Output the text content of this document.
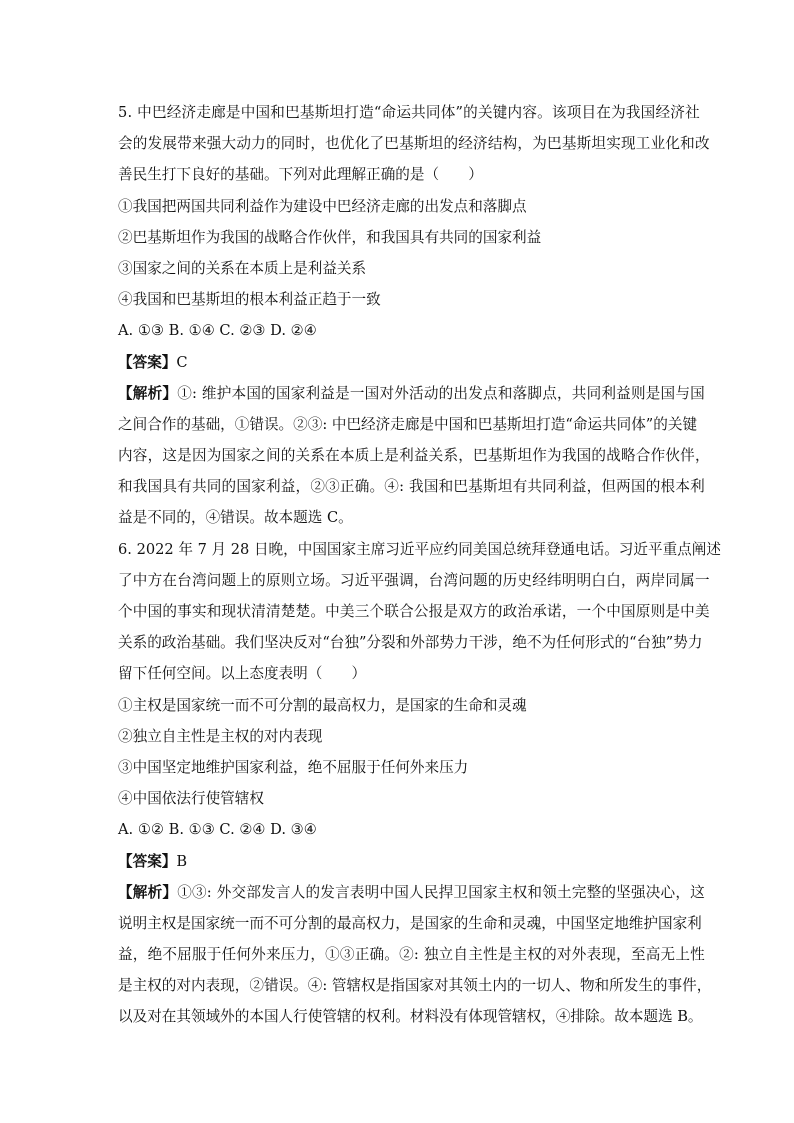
5. 中巴经济走廊是中国和巴基斯坦打造“命运共同体”的关键内容。该项目在为我国经济社
会的发展带来强大动力的同时，也优化了巴基斯坦的经济结构，为巴基斯坦实现工业化和改
善民生打下良好的基础。下列对此理解正确的是（　　）
①我国把两国共同利益作为建设中巴经济走廊的出发点和落脚点
②巴基斯坦作为我国的战略合作伙伴，和我国具有共同的国家利益
③国家之间的关系在本质上是利益关系
④我国和巴基斯坦的根本利益正趋于一致
A. ①③ B. ①④ C. ②③ D. ②④
【答案】C
【解析】①: 维护本国的国家利益是一国对外活动的出发点和落脚点，共同利益则是国与国
之间合作的基础，①错误。②③: 中巴经济走廊是中国和巴基斯坦打造“命运共同体”的关键
内容，这是因为国家之间的关系在本质上是利益关系，巴基斯坦作为我国的战略合作伙伴，
和我国具有共同的国家利益，②③正确。④: 我国和巴基斯坦有共同利益，但两国的根本利
益是不同的，④错误。故本题选 C。
6. 2022 年 7 月 28 日晚，中国国家主席习近平应约同美国总统拜登通电话。习近平重点阐述
了中方在台湾问题上的原则立场。习近平强调，台湾问题的历史经纬明明白白，两岸同属一
个中国的事实和现状清清楚楚。中美三个联合公报是双方的政治承诺，一个中国原则是中美
关系的政治基础。我们坚决反对“台独”分裂和外部势力干涉，绝不为任何形式的“台独”势力
留下任何空间。以上态度表明（　　）
①主权是国家统一而不可分割的最高权力，是国家的生命和灵魂
②独立自主性是主权的对内表现
③中国坚定地维护国家利益，绝不屈服于任何外来压力
④中国依法行使管辖权
A. ①② B. ①③ C. ②④ D. ③④
【答案】B
【解析】①③: 外交部发言人的发言表明中国人民捍卫国家主权和领土完整的坚强决心，这
说明主权是国家统一而不可分割的最高权力，是国家的生命和灵魂，中国坚定地维护国家利
益，绝不屈服于任何外来压力，①③正确。②: 独立自主性是主权的对外表现，至高无上性
是主权的对内表现，②错误。④: 管辖权是指国家对其领土内的一切人、物和所发生的事件，
以及对在其领域外的本国人行使管辖的权利。材料没有体现管辖权，④排除。故本题选 B。
